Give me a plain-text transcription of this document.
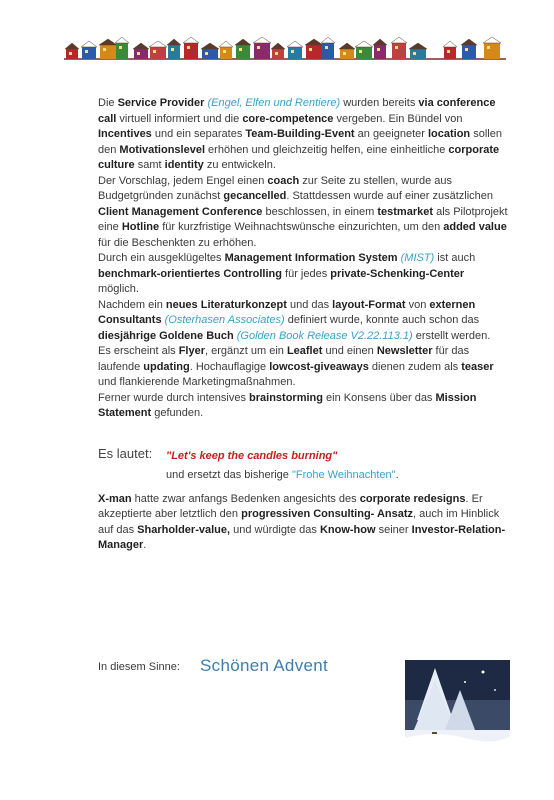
Die Service Provider (Engel, Elfen und Rentiere) wurden bereits via conference call virtuell informiert und die core-competence vergeben. Ein Bündel von Incentives und ein separates Team-Building-Event an geeigneter location sollen den Motivationslevel erhöhen und gleichzeitig helfen, eine einheitliche corporate culture samt identity zu entwickeln.

Der Vorschlag, jedem Engel einen coach zur Seite zu stellen, wurde aus Budgetgründen zunächst gecancelled. Stattdessen wurde auf einer zusätzlichen Client Management Conference beschlossen, in einem testmarket als Pilotprojekt eine Hotline für kurzfristige Weihnachtswünsche einzurichten, um den added value für die Beschenkten zu erhöhen.

Durch ein ausgeklügeltes Management Information System (MIST) ist auch benchmark-orientiertes Controlling für jedes private-Schenking-Center möglich.

Nachdem ein neues Literaturkonzept und das layout-Format von externen Consultants (Osterhasen Associates) definiert wurde, konnte auch schon das diesjährige Goldene Buch (Golden Book Release V2.22.113.1) erstellt werden.
Es erscheint als Flyer, ergänzt um ein Leaflet und einen Newsletter für das laufende updating. Hochauflagige lowcost-giveaways dienen zudem als teaser und flankierende Marketingmaßnahmen.
Ferner wurde durch intensives brainstorming ein Konsens über das Mission Statement gefunden.

Es lautet: "Let's keep the candles burning"
und ersetzt das bisherige "Frohe Weihnachten".

X-man hatte zwar anfangs Bedenken angesichts des corporate redesigns. Er akzeptierte aber letztlich den progressiven Consulting- Ansatz, auch im Hinblick auf das Sharholder-value, und würdigte das Know-how seiner Investor-Relation-Manager.

In diesem Sinne: Schönen Advent
